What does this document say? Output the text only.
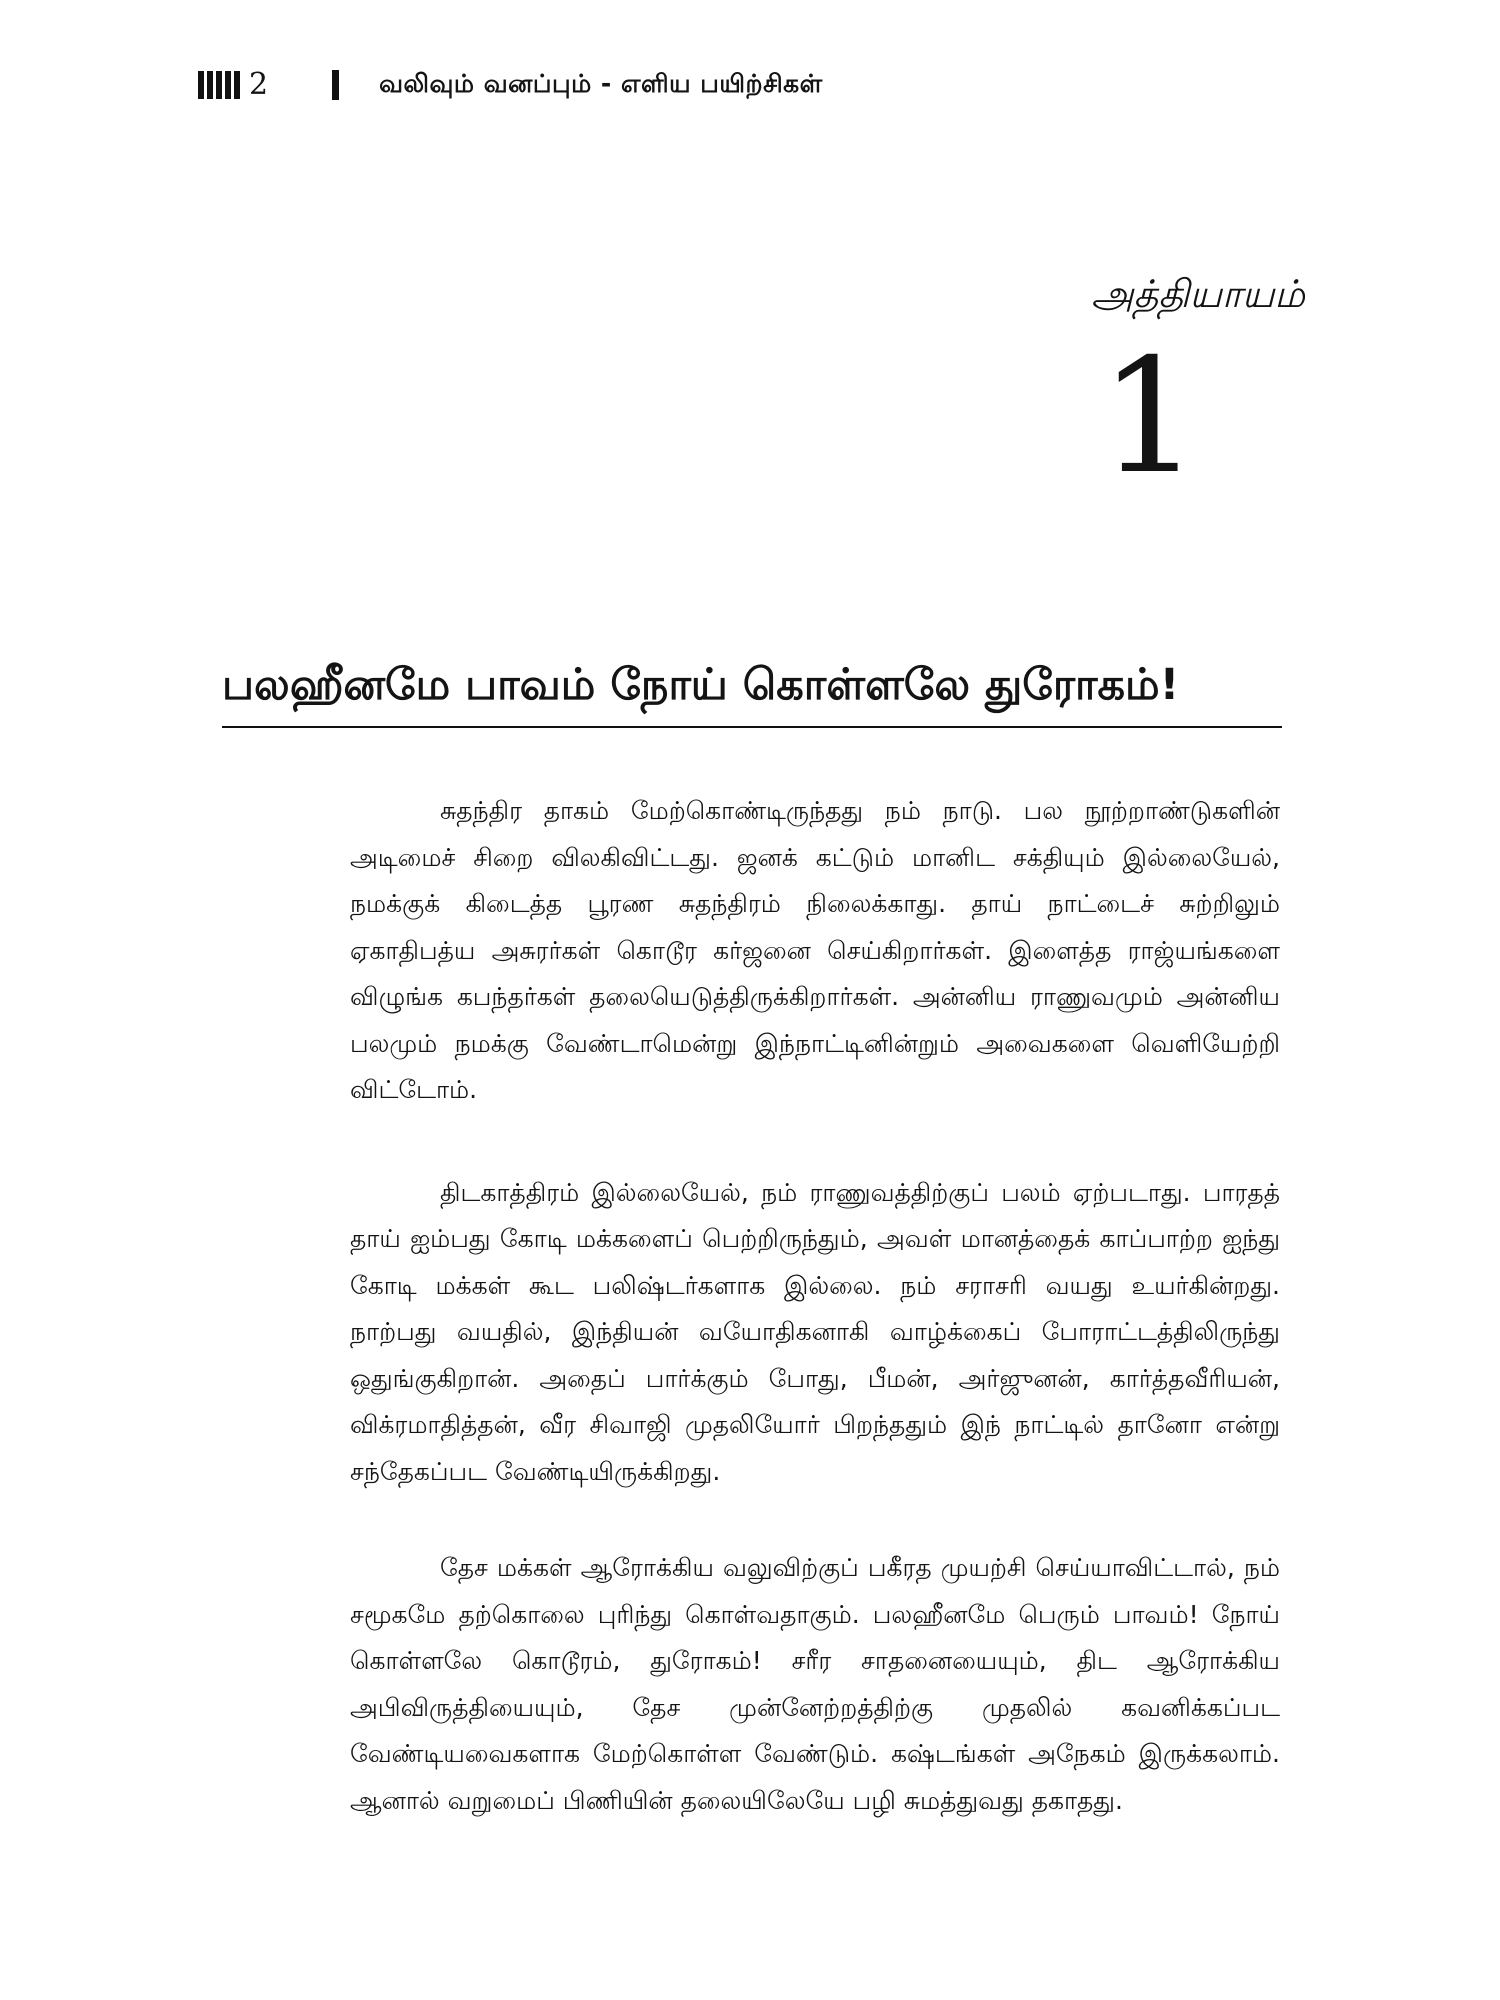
2	வலிவும் வனப்பும் - எளிய பயிற்சிகள்
அத்தியாயம்
1
பலஹீனமே பாவம் நோய் கொள்ளலே துரோகம்!

சுதந்திர தாகம் மேற்கொண்டிருந்தது நம் நாடு. பல நூற்றாண்டுகளின் அடிமைச் சிறை விலகிவிட்டது. ஜனக் கட்டும் மானிட சக்தியும் இல்லையேல், நமக்குக் கிடைத்த பூரண சுதந்திரம் நிலைக்காது. தாய் நாட்டைச் சுற்றிலும் ஏகாதிபத்ய அசுரர்கள் கொடூர கர்ஜனை செய்கிறார்கள். இளைத்த ராஜ்யங்களை விழுங்க கபந்தர்கள் தலையெடுத்திருக்கிறார்கள். அன்னிய ராணுவமும் அன்னிய பலமும் நமக்கு வேண்டாமென்று இந்நாட்டினின்றும் அவைகளை வெளியேற்றி விட்டோம்.

திடகாத்திரம் இல்லையேல், நம் ராணுவத்திற்குப் பலம் ஏற்படாது. பாரதத் தாய் ஐம்பது கோடி மக்களைப் பெற்றிருந்தும், அவள் மானத்தைக் காப்பாற்ற ஐந்து கோடி மக்கள் கூட பலிஷ்டர்களாக இல்லை. நம் சராசரி வயது உயர்கின்றது. நாற்பது வயதில், இந்தியன் வயோதிகனாகி வாழ்க்கைப் போராட்டத்திலிருந்து ஒதுங்குகிறான். அதைப் பார்க்கும் போது, பீமன், அர்ஜுனன், கார்த்தவீரியன், விக்ரமாதித்தன், வீர சிவாஜி முதலியோர் பிறந்ததும் இந் நாட்டில் தானோ என்று சந்தேகப்பட வேண்டியிருக்கிறது.

தேச மக்கள் ஆரோக்கிய வலுவிற்குப் பகீரத முயற்சி செய்யாவிட்டால், நம் சமூகமே தற்கொலை புரிந்து கொள்வதாகும். பலஹீனமே பெரும் பாவம்! நோய் கொள்ளலே கொடூரம், துரோகம்! சரீர சாதனையையும், திட ஆரோக்கிய அபிவிருத்தியையும், தேச முன்னேற்றத்திற்கு முதலில் கவனிக்கப்பட வேண்டியவைகளாக மேற்கொள்ள வேண்டும். கஷ்டங்கள் அநேகம் இருக்கலாம். ஆனால் வறுமைப் பிணியின் தலையிலேயே பழி சுமத்துவது தகாதது.
